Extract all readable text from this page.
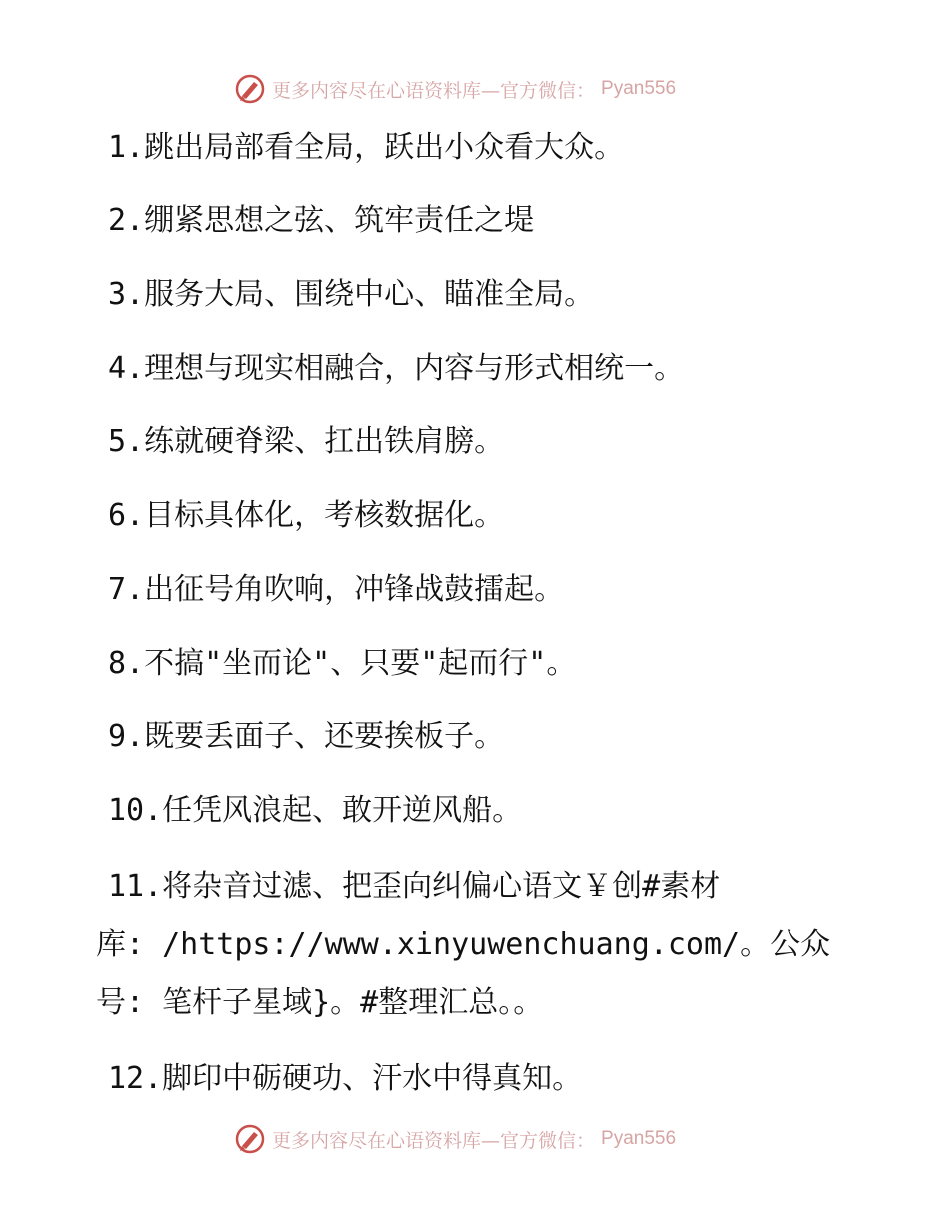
更多内容尽在心语资料库—官方微信： Pyan556
1.跳出局部看全局，跃出小众看大众。
2.绷紧思想之弦、筑牢责任之堤
3.服务大局、围绕中心、瞄准全局。
4.理想与现实相融合，内容与形式相统一。
5.练就硬脊梁、扛出铁肩膀。
6.目标具体化，考核数据化。
7.出征号角吹响，冲锋战鼓擂起。
8.不搞"坐而论"、只要"起而行"。
9.既要丢面子、还要挨板子。
10.任凭风浪起、敢开逆风船。
11.将杂音过滤、把歪向纠偏心语文￥创#素材
库: /https://www.xinyuwenchuang.com/。公众
号: 笔杆子星域}。#整理汇总。。
12.脚印中砺硬功、汗水中得真知。
更多内容尽在心语资料库—官方微信： Pyan556
